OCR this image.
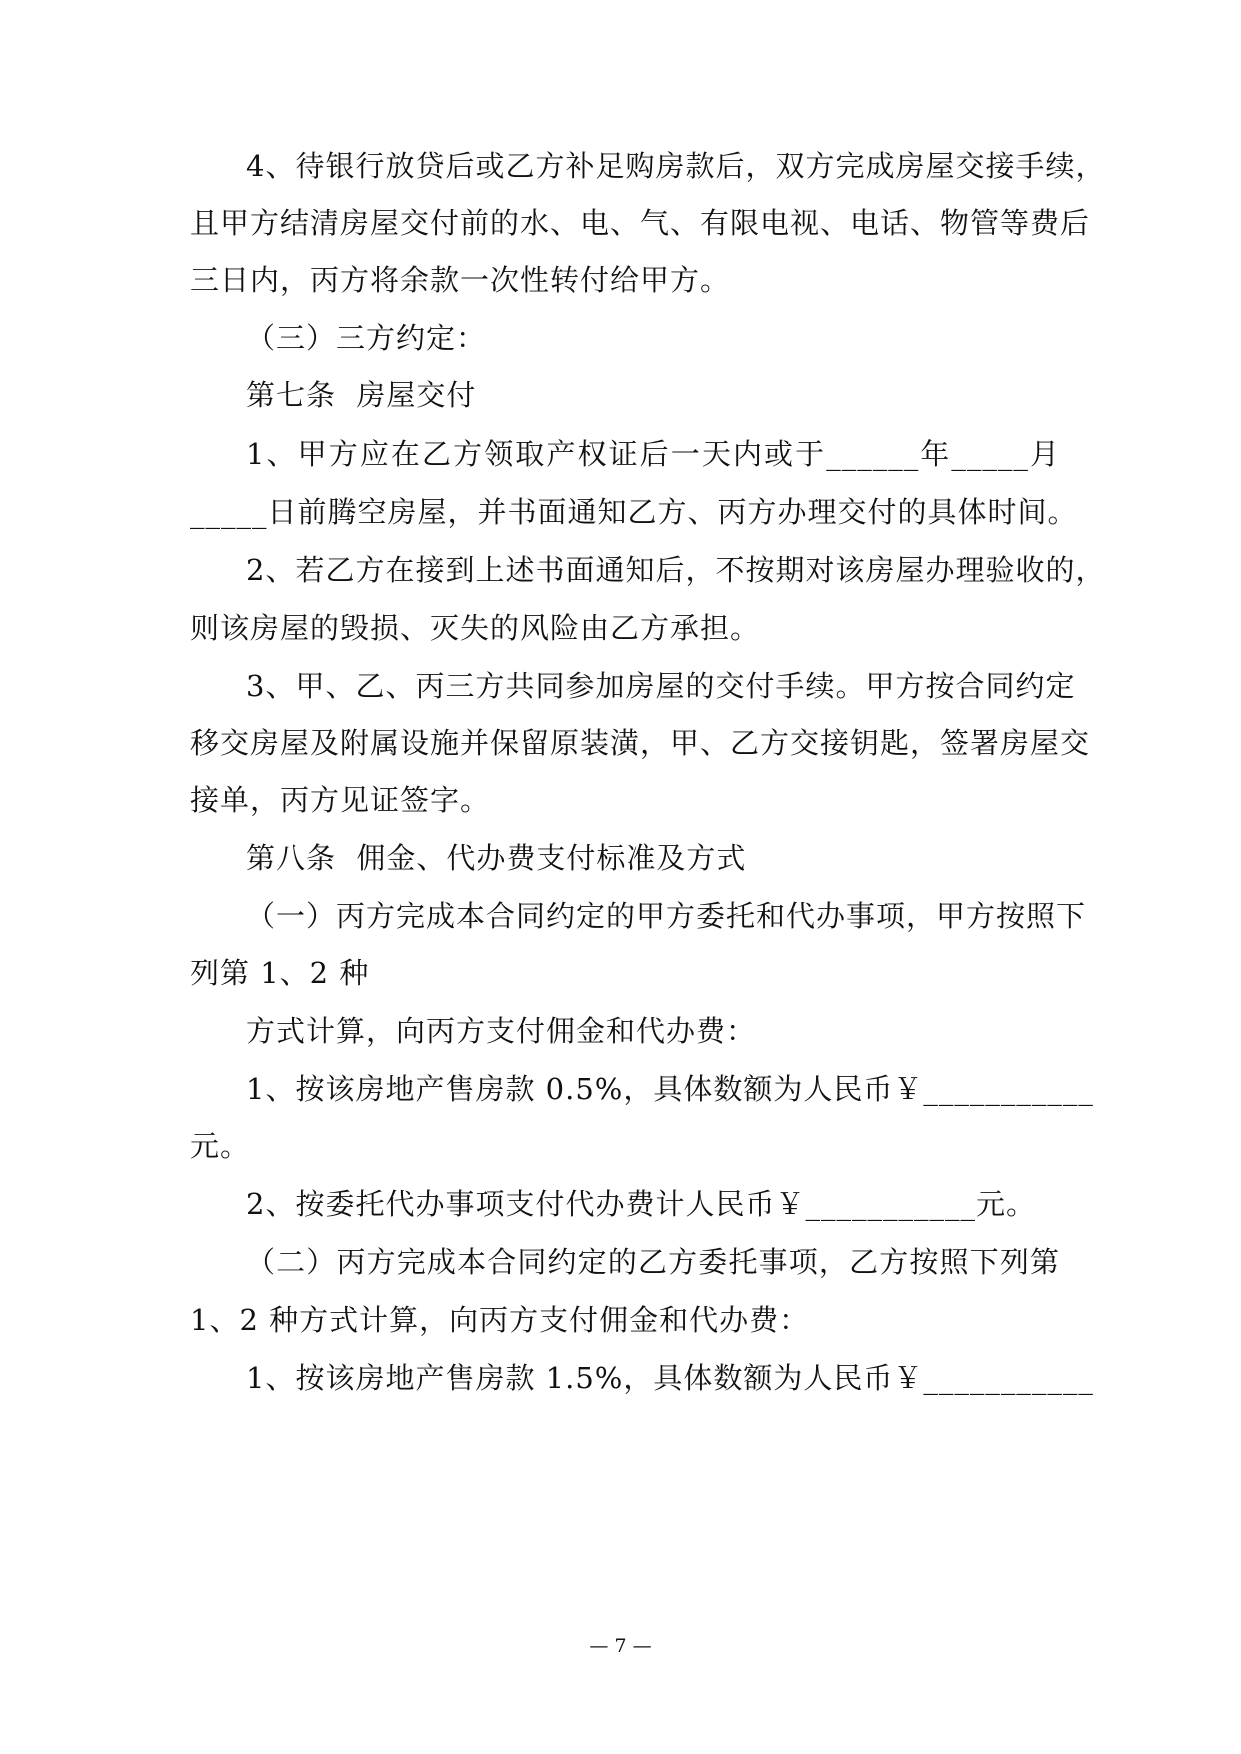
4、待银行放贷后或乙方补足购房款后，双方完成房屋交接手续，
且甲方结清房屋交付前的水、电、气、有限电视、电话、物管等费后
三日内，丙方将余款一次性转付给甲方。
（三）三方约定：
第七条  房屋交付
1、甲方应在乙方领取产权证后一天内或于______年_____月
_____日前腾空房屋，并书面通知乙方、丙方办理交付的具体时间。
2、若乙方在接到上述书面通知后，不按期对该房屋办理验收的，
则该房屋的毁损、灭失的风险由乙方承担。
3、甲、乙、丙三方共同参加房屋的交付手续。甲方按合同约定
移交房屋及附属设施并保留原装潢，甲、乙方交接钥匙，签署房屋交
接单，丙方见证签字。
第八条  佣金、代办费支付标准及方式
（一）丙方完成本合同约定的甲方委托和代办事项，甲方按照下
列第 1、2 种
方式计算，向丙方支付佣金和代办费：
1、按该房地产售房款 0.5%，具体数额为人民币￥___________
元。
2、按委托代办事项支付代办费计人民币￥___________元。
（二）丙方完成本合同约定的乙方委托事项，乙方按照下列第
1、2 种方式计算，向丙方支付佣金和代办费：
1、按该房地产售房款 1.5%，具体数额为人民币￥___________
— 7 —
